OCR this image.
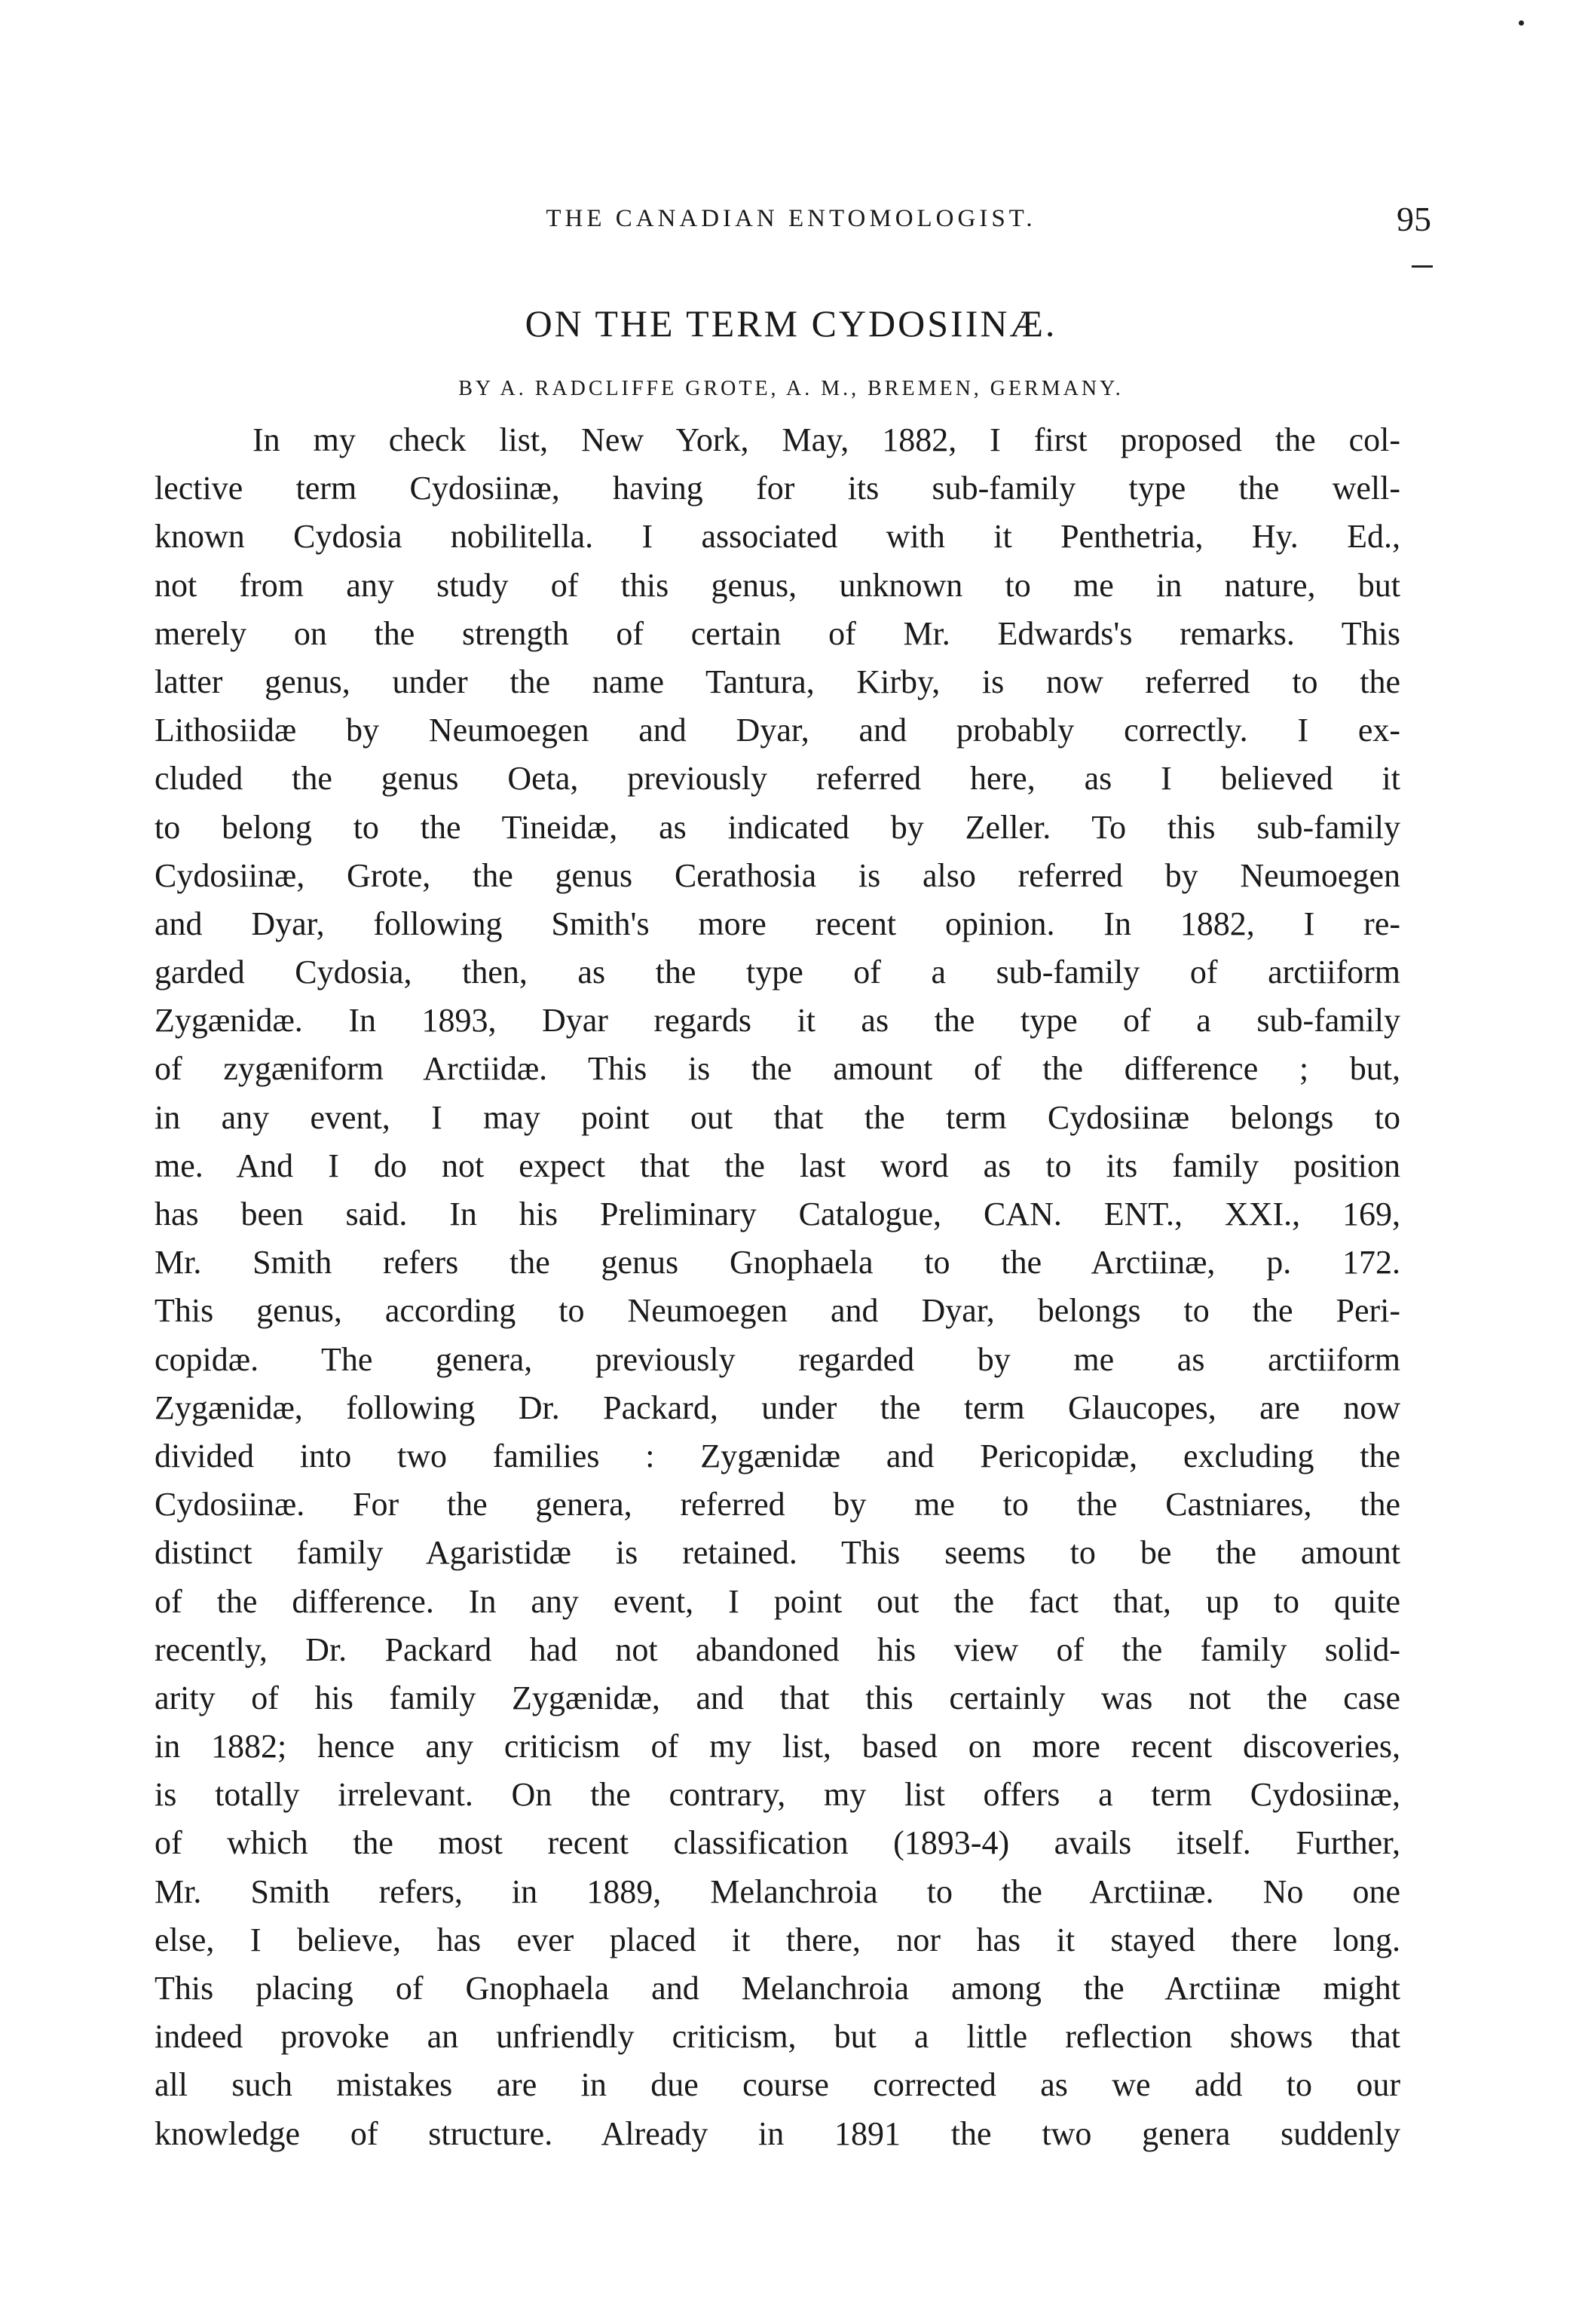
THE CANADIAN ENTOMOLOGIST.	95
ON THE TERM CYDOSIINÆ.
BY A. RADCLIFFE GROTE, A. M., BREMEN, GERMANY.
In my check list, New York, May, 1882, I first proposed the col-
lective term Cydosiinæ, having for its sub-family type the well-
known Cydosia nobilitella. I associated with it Penthetria, Hy. Ed.,
not from any study of this genus, unknown to me in nature, but
merely on the strength of certain of Mr. Edwards's remarks. This
latter genus, under the name Tantura, Kirby, is now referred to the
Lithosiidæ by Neumoegen and Dyar, and probably correctly. I ex-
cluded the genus Oeta, previously referred here, as I believed it
to belong to the Tineidæ, as indicated by Zeller. To this sub-family
Cydosiinæ, Grote, the genus Cerathosia is also referred by Neumoegen
and Dyar, following Smith's more recent opinion. In 1882, I re-
garded Cydosia, then, as the type of a sub-family of arctiiform
Zygænidæ. In 1893, Dyar regards it as the type of a sub-family
of zygæniform Arctiidæ. This is the amount of the difference ; but,
in any event, I may point out that the term Cydosiinæ belongs to
me. And I do not expect that the last word as to its family position
has been said. In his Preliminary Catalogue, CAN. ENT., XXI., 169,
Mr. Smith refers the genus Gnophaela to the Arctiinæ, p. 172.
This genus, according to Neumoegen and Dyar, belongs to the Peri-
copidæ. The genera, previously regarded by me as arctiiform
Zygænidæ, following Dr. Packard, under the term Glaucopes, are now
divided into two families : Zygænidæ and Pericopidæ, excluding the
Cydosiinæ. For the genera, referred by me to the Castniares, the
distinct family Agaristidæ is retained. This seems to be the amount
of the difference. In any event, I point out the fact that, up to quite
recently, Dr. Packard had not abandoned his view of the family solid-
arity of his family Zygænidæ, and that this certainly was not the case
in 1882; hence any criticism of my list, based on more recent discoveries,
is totally irrelevant. On the contrary, my list offers a term Cydosiinæ,
of which the most recent classification (1893-4) avails itself. Further,
Mr. Smith refers, in 1889, Melanchroia to the Arctiinæ. No one
else, I believe, has ever placed it there, nor has it stayed there long.
This placing of Gnophaela and Melanchroia among the Arctiinæ might
indeed provoke an unfriendly criticism, but a little reflection shows that
all such mistakes are in due course corrected as we add to our
knowledge of structure. Already in 1891 the two genera suddenly
